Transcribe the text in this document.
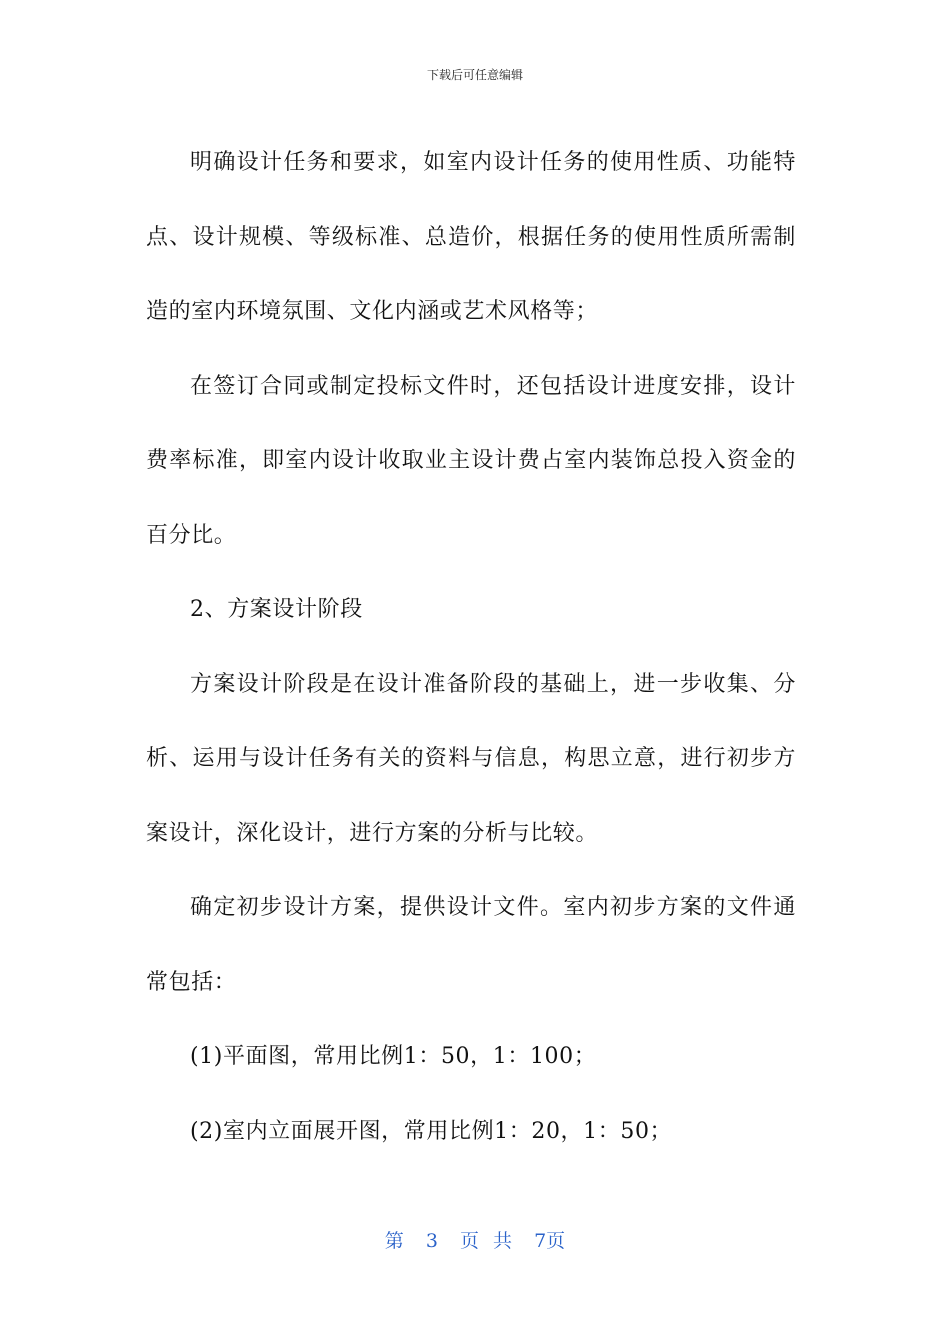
下载后可任意编辑

明确设计任务和要求，如室内设计任务的使用性质、功能特点、设计规模、等级标准、总造价，根据任务的使用性质所需制造的室内环境氛围、文化内涵或艺术风格等；

在签订合同或制定投标文件时，还包括设计进度安排，设计费率标准，即室内设计收取业主设计费占室内装饰总投入资金的百分比。

2、方案设计阶段

方案设计阶段是在设计准备阶段的基础上，进一步收集、分析、运用与设计任务有关的资料与信息，构思立意，进行初步方案设计，深化设计，进行方案的分析与比较。

确定初步设计方案，提供设计文件。室内初步方案的文件通常包括：

(1)平面图，常用比例1：50，1：100；

(2)室内立面展开图，常用比例1：20，1：50；

第 3 页 共 7页
